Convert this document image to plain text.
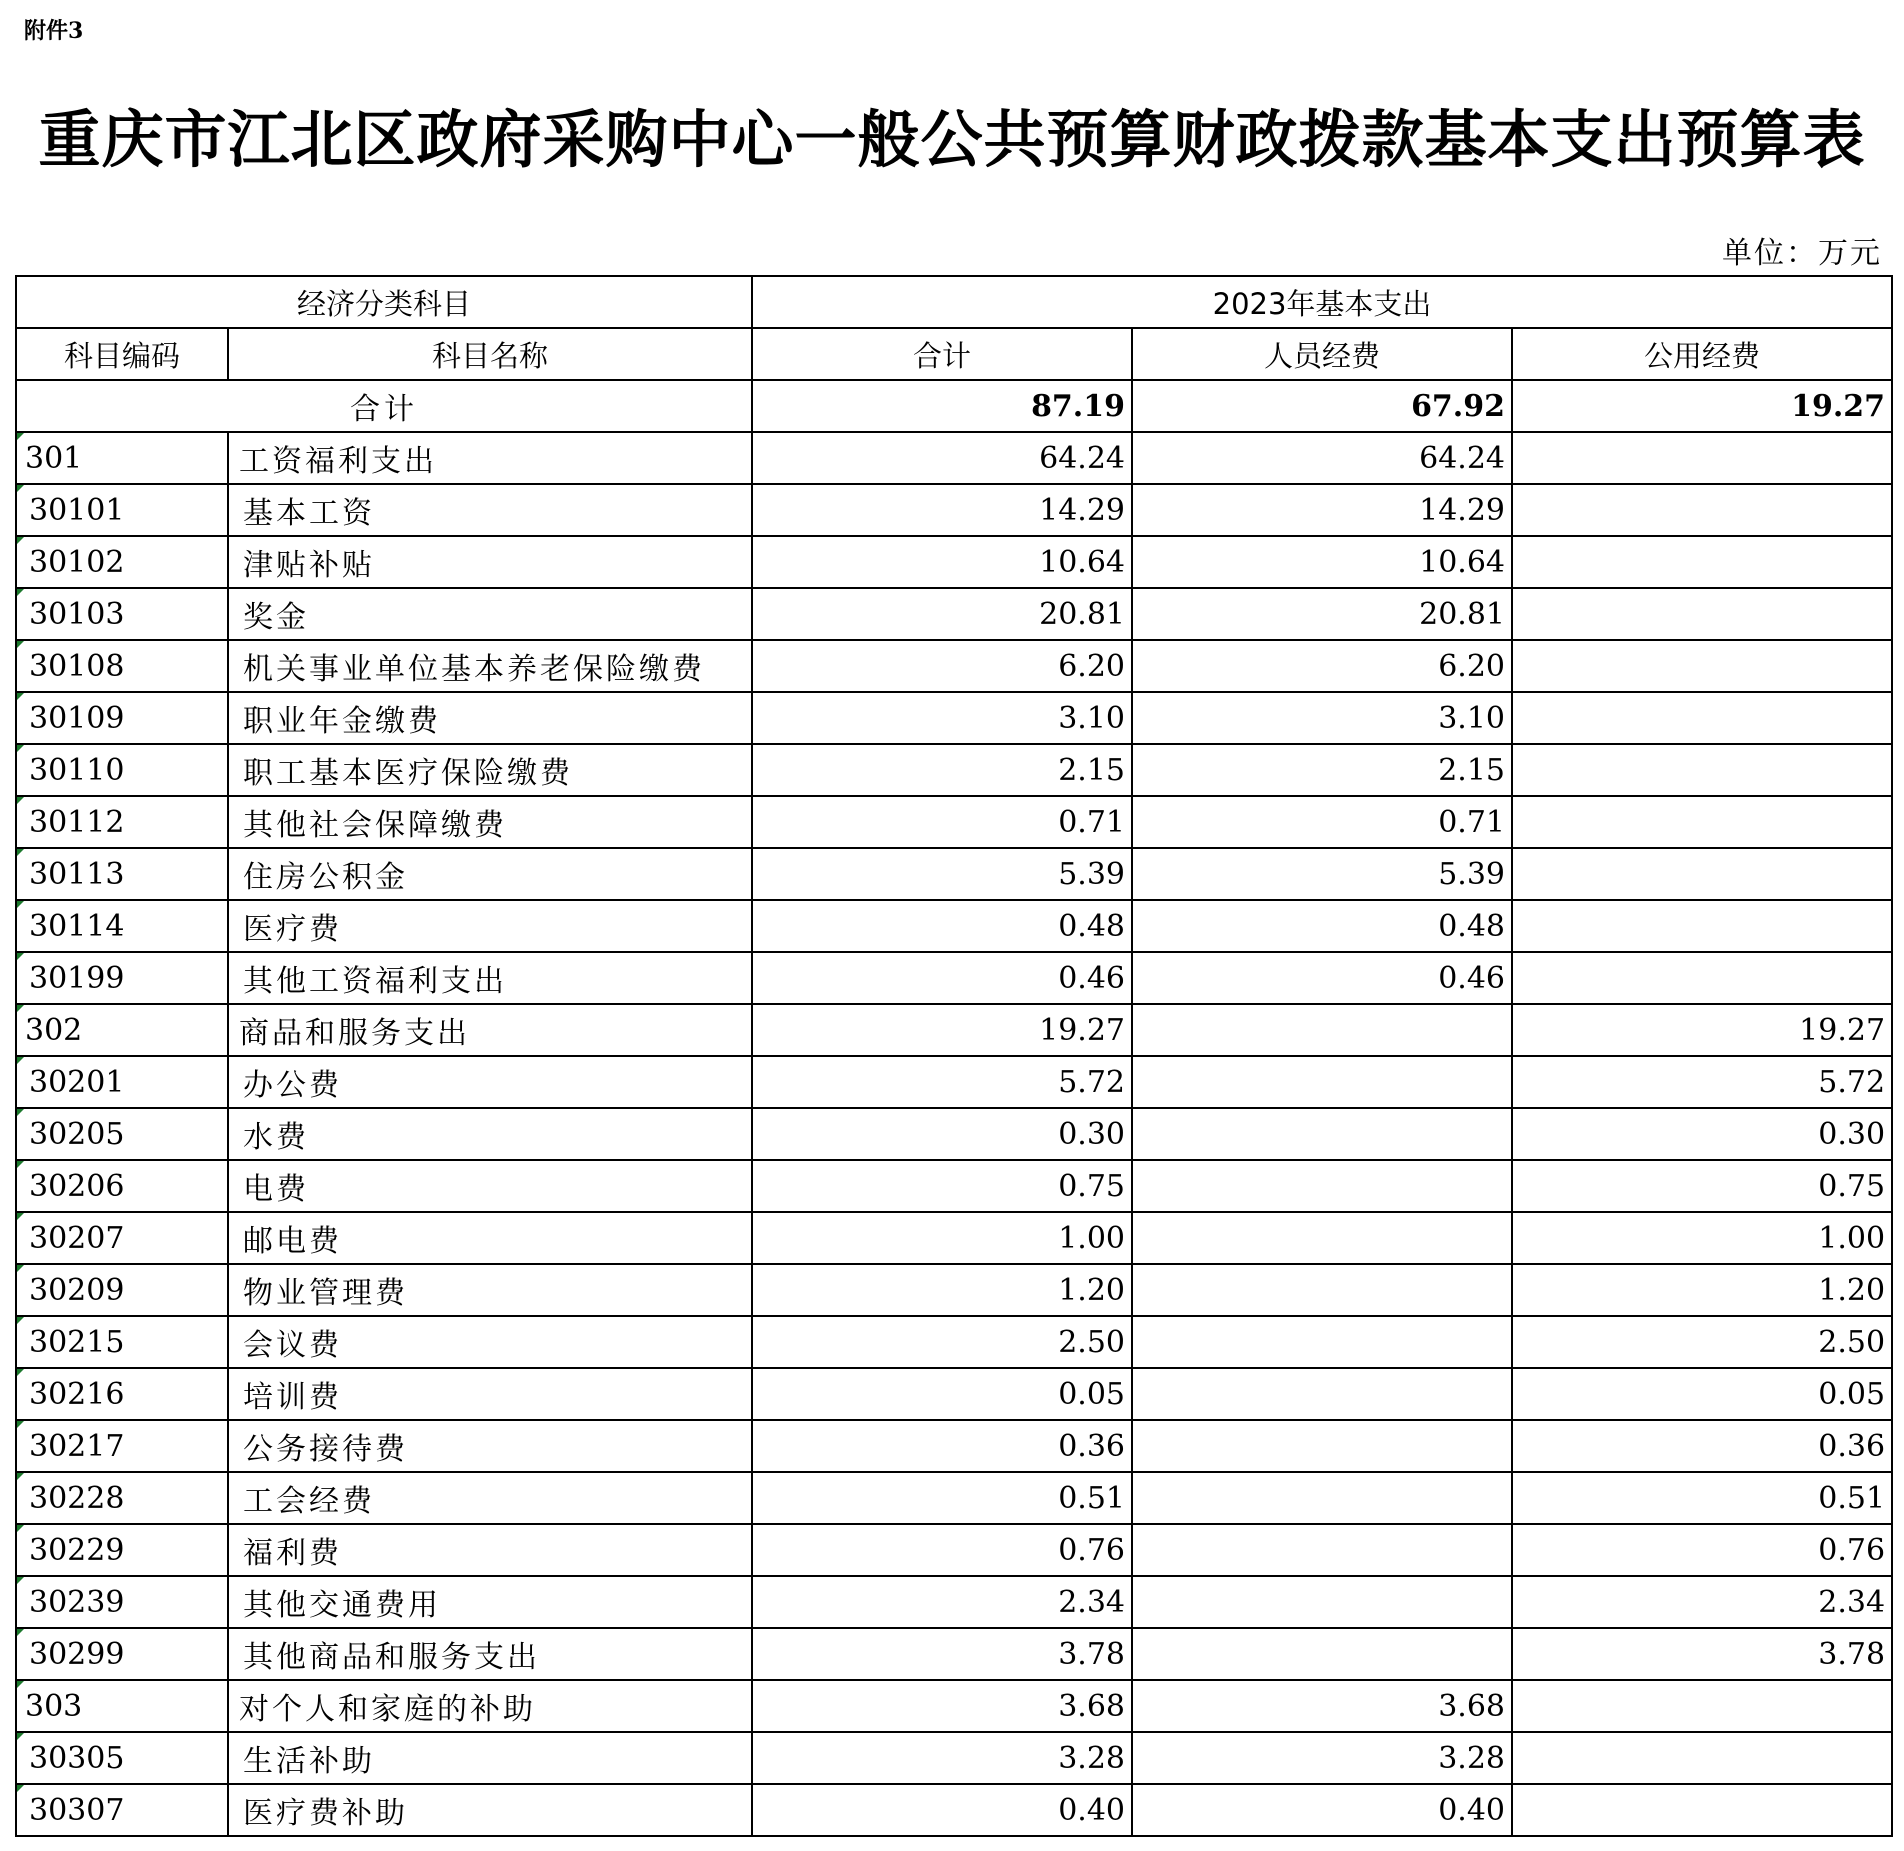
附件3
重庆市江北区政府采购中心一般公共预算财政拨款基本支出预算表
单位：万元
经济分类科目		2023年基本支出		
科目编码	科目名称	合计	人员经费	公用经费
合计		87.19	67.92	19.27
301	工资福利支出	64.24	64.24	
30101	基本工资	14.29	14.29	
30102	津贴补贴	10.64	10.64	
30103	奖金	20.81	20.81	
30108	机关事业单位基本养老保险缴费	6.20	6.20	
30109	职业年金缴费	3.10	3.10	
30110	职工基本医疗保险缴费	2.15	2.15	
30112	其他社会保障缴费	0.71	0.71	
30113	住房公积金	5.39	5.39	
30114	医疗费	0.48	0.48	
30199	其他工资福利支出	0.46	0.46	
302	商品和服务支出	19.27		19.27
30201	办公费	5.72		5.72
30205	水费	0.30		0.30
30206	电费	0.75		0.75
30207	邮电费	1.00		1.00
30209	物业管理费	1.20		1.20
30215	会议费	2.50		2.50
30216	培训费	0.05		0.05
30217	公务接待费	0.36		0.36
30228	工会经费	0.51		0.51
30229	福利费	0.76		0.76
30239	其他交通费用	2.34		2.34
30299	其他商品和服务支出	3.78		3.78
303	对个人和家庭的补助	3.68	3.68	
30305	生活补助	3.28	3.28	
30307	医疗费补助	0.40	0.40	
